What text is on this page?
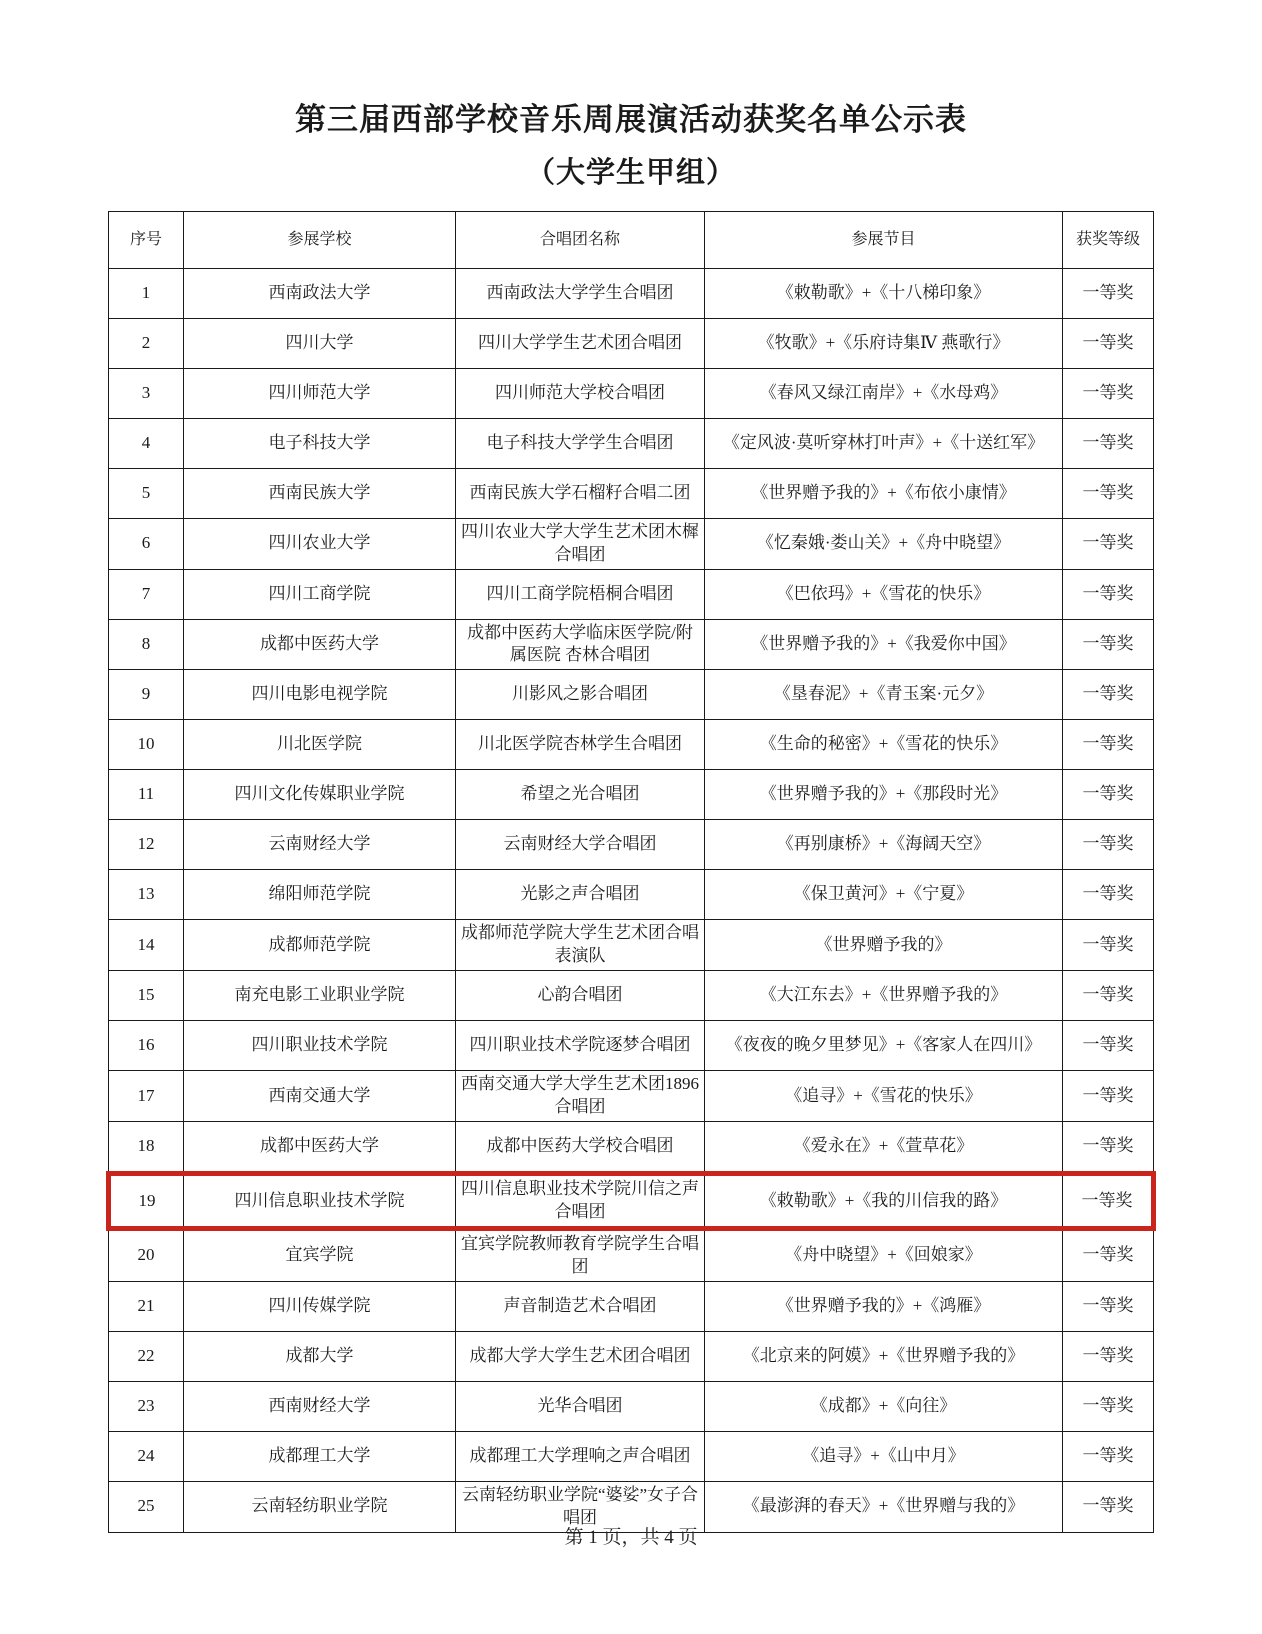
第三届西部学校音乐周展演活动获奖名单公示表
（大学生甲组）
序号	参展学校	合唱团名称	参展节目	获奖等级
1	西南政法大学	西南政法大学学生合唱团	《敕勒歌》+《十八梯印象》	一等奖
2	四川大学	四川大学学生艺术团合唱团	《牧歌》+《乐府诗集Ⅳ 燕歌行》	一等奖
3	四川师范大学	四川师范大学校合唱团	《春风又绿江南岸》+《水母鸡》	一等奖
4	电子科技大学	电子科技大学学生合唱团	《定风波·莫听穿林打叶声》+《十送红军》	一等奖
5	西南民族大学	西南民族大学石榴籽合唱二团	《世界赠予我的》+《布依小康情》	一等奖
6	四川农业大学	四川农业大学大学生艺术团木樨合唱团	《忆秦娥·娄山关》+《舟中晓望》	一等奖
7	四川工商学院	四川工商学院梧桐合唱团	《巴依玛》+《雪花的快乐》	一等奖
8	成都中医药大学	成都中医药大学临床医学院/附属医院 杏林合唱团	《世界赠予我的》+《我爱你中国》	一等奖
9	四川电影电视学院	川影风之影合唱团	《垦春泥》+《青玉案·元夕》	一等奖
10	川北医学院	川北医学院杏林学生合唱团	《生命的秘密》+《雪花的快乐》	一等奖
11	四川文化传媒职业学院	希望之光合唱团	《世界赠予我的》+《那段时光》	一等奖
12	云南财经大学	云南财经大学合唱团	《再别康桥》+《海阔天空》	一等奖
13	绵阳师范学院	光影之声合唱团	《保卫黄河》+《宁夏》	一等奖
14	成都师范学院	成都师范学院大学生艺术团合唱表演队	《世界赠予我的》	一等奖
15	南充电影工业职业学院	心韵合唱团	《大江东去》+《世界赠予我的》	一等奖
16	四川职业技术学院	四川职业技术学院逐梦合唱团	《夜夜的晚夕里梦见》+《客家人在四川》	一等奖
17	西南交通大学	西南交通大学大学生艺术团1896合唱团	《追寻》+《雪花的快乐》	一等奖
18	成都中医药大学	成都中医药大学校合唱团	《爱永在》+《萱草花》	一等奖
19	四川信息职业技术学院	四川信息职业技术学院川信之声合唱团	《敕勒歌》+《我的川信我的路》	一等奖
20	宜宾学院	宜宾学院教师教育学院学生合唱团	《舟中晓望》+《回娘家》	一等奖
21	四川传媒学院	声音制造艺术合唱团	《世界赠予我的》+《鸿雁》	一等奖
22	成都大学	成都大学大学生艺术团合唱团	《北京来的阿嫫》+《世界赠予我的》	一等奖
23	西南财经大学	光华合唱团	《成都》+《向往》	一等奖
24	成都理工大学	成都理工大学理响之声合唱团	《追寻》+《山中月》	一等奖
25	云南轻纺职业学院	云南轻纺职业学院“婆娑”女子合唱团	《最澎湃的春天》+《世界赠与我的》	一等奖
第 1 页，共 4 页
